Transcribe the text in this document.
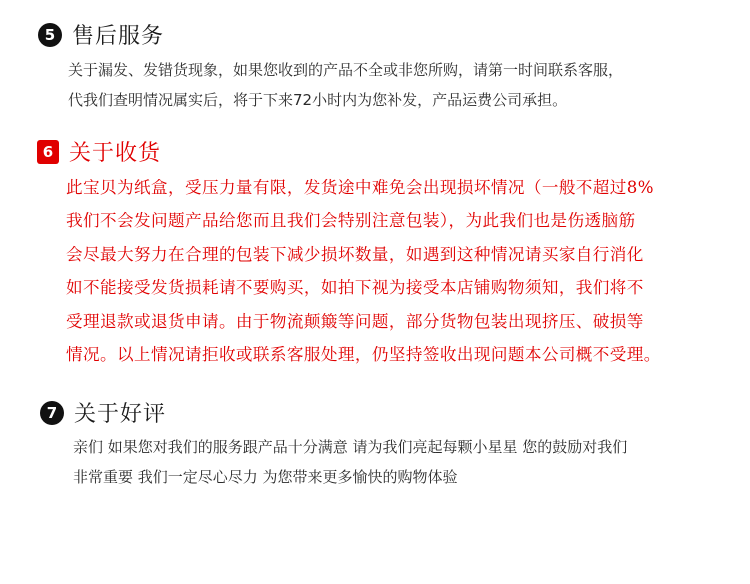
5 售后服务
关于漏发、发错货现象，如果您收到的产品不全或非您所购，请第一时间联系客服，
代我们查明情况属实后，将于下来72小时内为您补发，产品运费公司承担。
6 关于收货
此宝贝为纸盒，受压力量有限，发货途中难免会出现损坏情况（一般不超过8%
我们不会发问题产品给您而且我们会特别注意包装），为此我们也是伤透脑筋
会尽最大努力在合理的包装下减少损坏数量，如遇到这种情况请买家自行消化
如不能接受发货损耗请不要购买，如拍下视为接受本店铺购物须知，我们将不
受理退款或退货申请。由于物流颠簸等问题，部分货物包装出现挤压、破损等
情况。以上情况请拒收或联系客服处理，仍坚持签收出现问题本公司概不受理。
7 关于好评
亲们 如果您对我们的服务跟产品十分满意 请为我们亮起每颗小星星 您的鼓励对我们
非常重要 我们一定尽心尽力 为您带来更多愉快的购物体验
